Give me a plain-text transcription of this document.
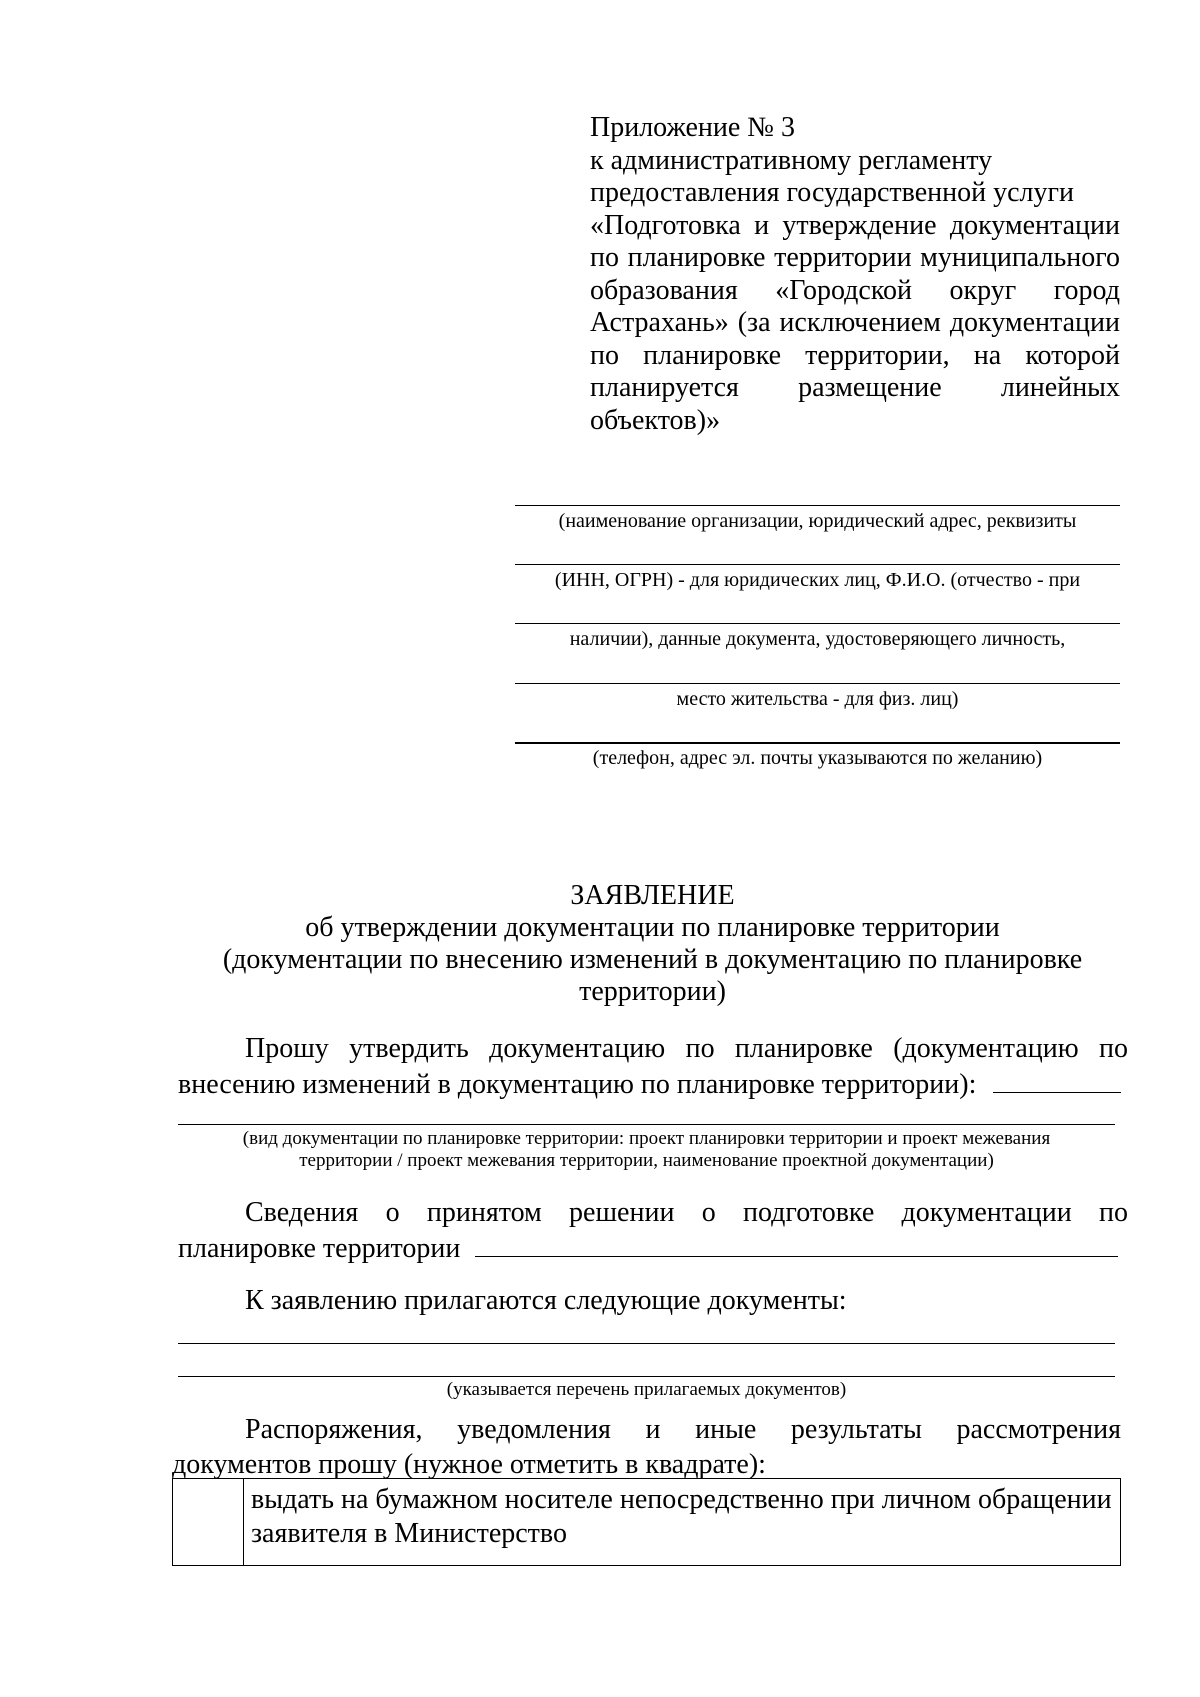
Приложение № 3
к административному регламенту
предоставления государственной услуги
«Подготовка и утверждение документации
по планировке территории муниципального
образования «Городской округ город
Астрахань» (за исключением документации
по планировке территории, на которой
планируется размещение линейных
объектов)»
(наименование организации, юридический адрес, реквизиты
(ИНН, ОГРН) - для юридических лиц, Ф.И.О. (отчество - при
наличии), данные документа, удостоверяющего личность,
место жительства - для физ. лиц)
(телефон, адрес эл. почты указываются по желанию)
ЗАЯВЛЕНИЕ
об утверждении документации по планировке территории
(документации по внесению изменений в документацию по планировке
территории)
Прошу утвердить документацию по планировке (документацию по
внесению изменений в документацию по планировке территории):
(вид документации по планировке территории: проект планировки территории и проект межевания
территории / проект межевания территории, наименование проектной документации)
Сведения о принятом решении о подготовке документации по
планировке территории
К заявлению прилагаются следующие документы:
(указывается перечень прилагаемых документов)
Распоряжения, уведомления и иные результаты рассмотрения
документов прошу (нужное отметить в квадрате):
	выдать на бумажном носителе непосредственно при личном обращении
заявителя в Министерство
